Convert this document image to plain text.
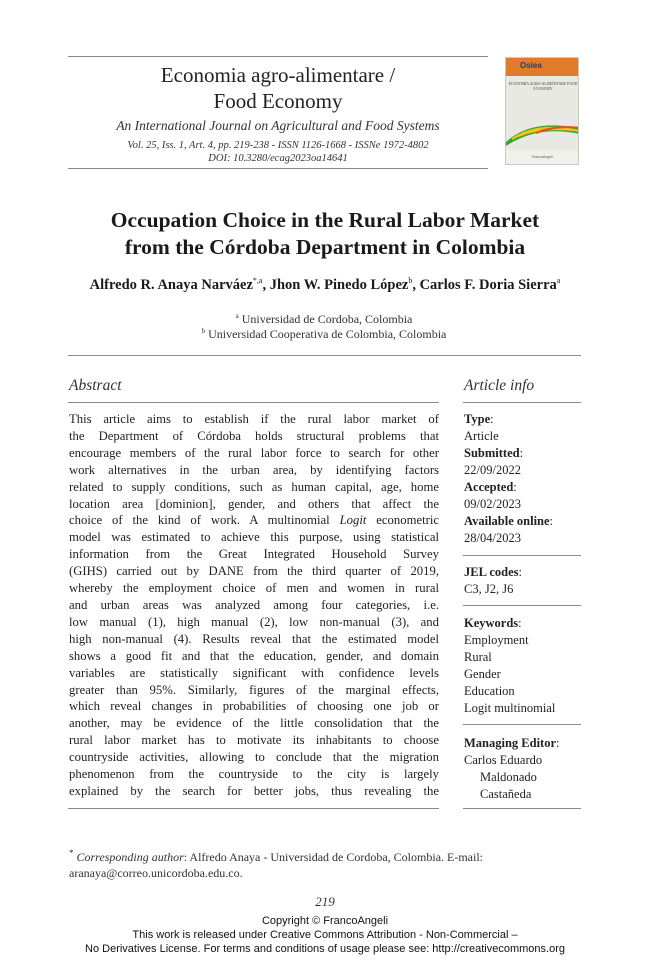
Economia agro-alimentare /
Food Economy
An International Journal on Agricultural and Food Systems
Vol. 25, Iss. 1, Art. 4, pp. 219-238 - ISSN 1126-1668 - ISSNe 1972-4802
DOI: 10.3280/ecag2023oa14641
Osiea
ECONOMIA AGRO-ALIMENTARE FOOD ECONOMY
FrancoAngeli
Occupation Choice in the Rural Labor Market
from the Córdoba Department in Colombia
Alfredo R. Anaya Narváez$^{*,a}$, Jhon W. Pinedo López$^b$, Carlos F. Doria Sierra$^a$
$^a$ Universidad de Cordoba, Colombia
$^b$ Universidad Cooperativa de Colombia, Colombia
Abstract

This article aims to establish if the rural labor market of

the Department of Córdoba holds structural problems that

encourage members of the rural labor force to search for other

work alternatives in the urban area, by identifying factors

related to supply conditions, such as human capital, age, home

location area [dominion], gender, and others that affect the

choice of the kind of work. A multinomial Logit econometric

model was estimated to achieve this purpose, using statistical

information from the Great Integrated Household Survey

(GIHS) carried out by DANE from the third quarter of 2019,

whereby the employment choice of men and women in rural

and urban areas was analyzed among four categories, i.e.

low manual (1), high manual (2), low non-manual (3), and

high non-manual (4). Results reveal that the estimated model

shows a good fit and that the education, gender, and domain

variables are statistically significant with confidence levels

greater than 95%. Similarly, figures of the marginal effects,

which reveal changes in probabilities of choosing one job or

another, may be evidence of the little consolidation that the

rural labor market has to motivate its inhabitants to choose

countryside activities, allowing to conclude that the migration

phenomenon from the countryside to the city is largely

explained by the search for better jobs, thus revealing the

Article info
Type:
Article
Submitted:
22/09/2022
Accepted:
09/02/2023
Available online:
28/04/2023
JEL codes:
C3, J2, J6
Keywords:
Employment
Rural
Gender
Education
Logit multinomial
Managing Editor:
Carlos Eduardo
Maldonado
Castañeda
* Corresponding author: Alfredo Anaya - Universidad de Cordoba, Colombia. E-mail:
aranaya@correo.unicordoba.edu.co.
219
Copyright © FrancoAngeli
This work is released under Creative Commons Attribution - Non-Commercial –
No Derivatives License. For terms and conditions of usage please see: http://creativecommons.org
